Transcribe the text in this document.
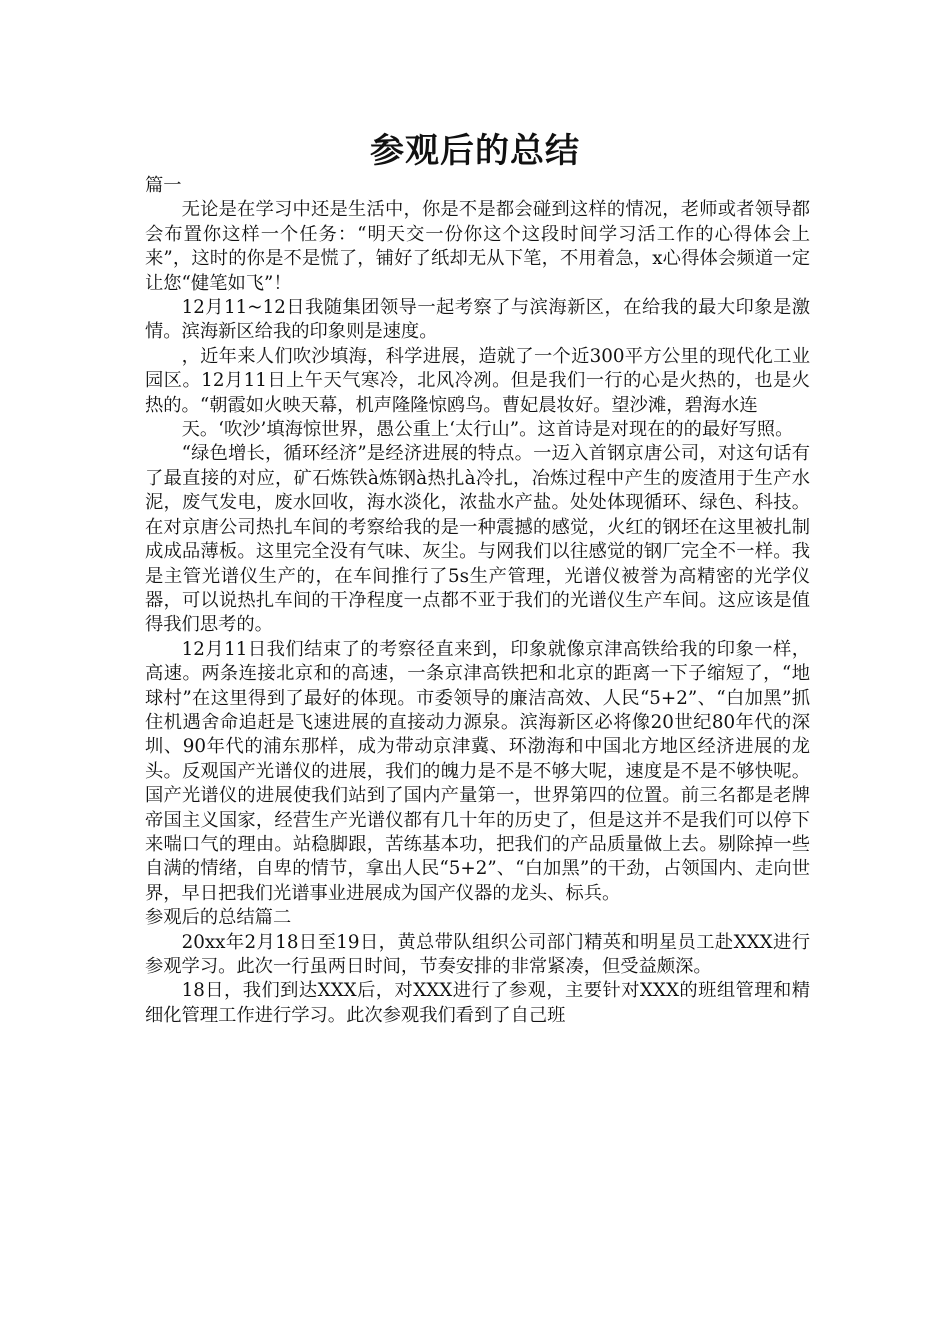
参观后的总结

篇一

无论是在学习中还是生活中，你是不是都会碰到这样的情况，老师或者领导都会布置你这样一个任务：“明天交一份你这个这段时间学习活工作的心得体会上来”，这时的你是不是慌了，铺好了纸却无从下笔，不用着急，x心得体会频道一定让您“健笔如飞”！

12月11~12日我随集团领导一起考察了与滨海新区，在给我的最大印象是激情。滨海新区给我的印象则是速度。

，近年来人们吹沙填海，科学进展，造就了一个近300平方公里的现代化工业园区。12月11日上午天气寒冷，北风冷冽。但是我们一行的心是火热的，也是火热的。“朝霞如火映天幕，机声隆隆惊鸥鸟。曹妃晨妆好。望沙滩，碧海水连

天。‘吹沙’填海惊世界，愚公重上‘太行山”。这首诗是对现在的的最好写照。

“绿色增长，循环经济”是经济进展的特点。一迈入首钢京唐公司，对这句话有了最直接的对应，矿石炼铁à炼钢à热扎à冷扎，冶炼过程中产生的废渣用于生产水泥，废气发电，废水回收，海水淡化，浓盐水产盐。处处体现循环、绿色、科技。在对京唐公司热扎车间的考察给我的是一种震撼的感觉，火红的钢坯在这里被扎制成成品薄板。这里完全没有气味、灰尘。与网我们以往感觉的钢厂完全不一样。我是主管光谱仪生产的，在车间推行了5s生产管理，光谱仪被誉为高精密的光学仪器，可以说热扎车间的干净程度一点都不亚于我们的光谱仪生产车间。这应该是值得我们思考的。

12月11日我们结束了的考察径直来到，印象就像京津高铁给我的印象一样，高速。两条连接北京和的高速，一条京津高铁把和北京的距离一下子缩短了，“地球村”在这里得到了最好的体现。市委领导的廉洁高效、人民“5+2”、“白加黑”抓住机遇舍命追赶是飞速进展的直接动力源泉。滨海新区必将像20世纪80年代的深圳、90年代的浦东那样，成为带动京津冀、环渤海和中国北方地区经济进展的龙头。反观国产光谱仪的进展，我们的魄力是不是不够大呢，速度是不是不够快呢。国产光谱仪的进展使我们站到了国内产量第一，世界第四的位置。前三名都是老牌帝国主义国家，经营生产光谱仪都有几十年的历史了，但是这并不是我们可以停下来喘口气的理由。站稳脚跟，苦练基本功，把我们的产品质量做上去。剔除掉一些自满的情绪，自卑的情节，拿出人民“5+2”、“白加黑”的干劲，占领国内、走向世界，早日把我们光谱事业进展成为国产仪器的龙头、标兵。

参观后的总结篇二

20xx年2月18日至19日，黄总带队组织公司部门精英和明星员工赴XXX进行参观学习。此次一行虽两日时间，节奏安排的非常紧凑，但受益颇深。

18日，我们到达XXX后，对XXX进行了参观，主要针对XXX的班组管理和精细化管理工作进行学习。此次参观我们看到了自己班
